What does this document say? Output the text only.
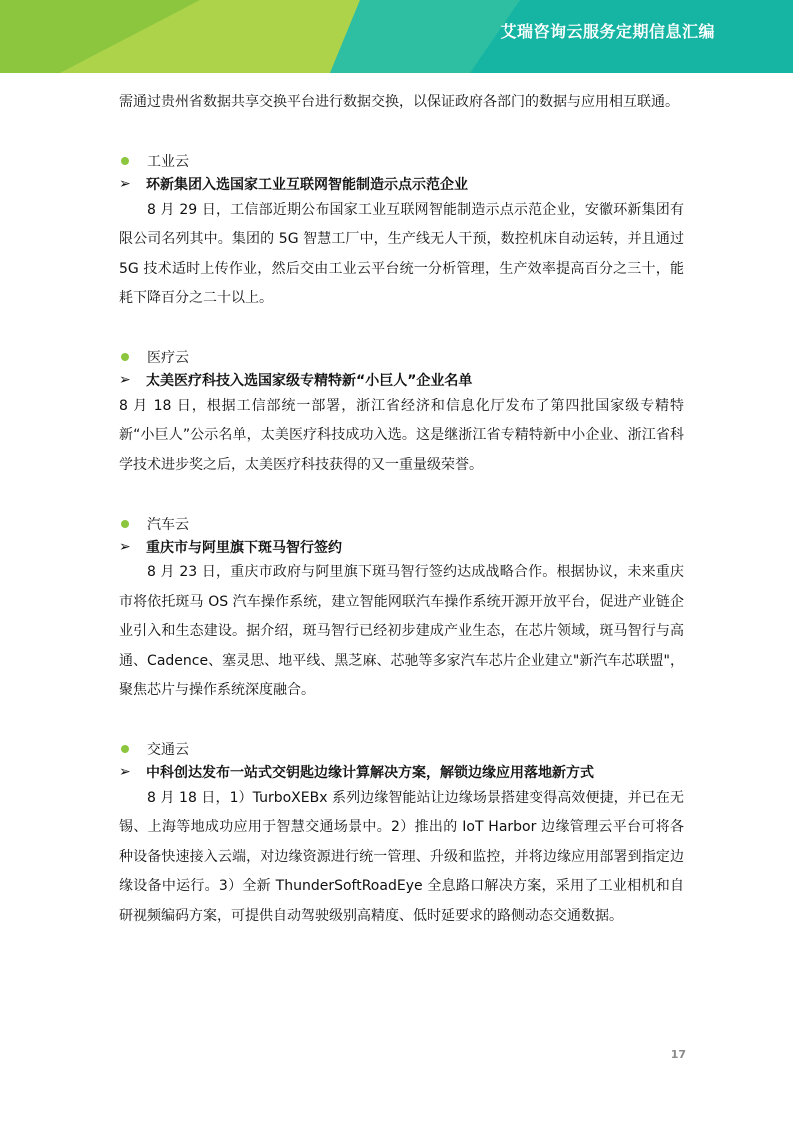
艾瑞咨询云服务定期信息汇编

需通过贵州省数据共享交换平台进行数据交换，以保证政府各部门的数据与应用相互联通。

工业云
➢	环新集团入选国家工业互联网智能制造示点示范企业

8 月 29 日，工信部近期公布国家工业互联网智能制造示点示范企业，安徽环新集团有限公司名列其中。集团的 5G 智慧工厂中，生产线无人干预，数控机床自动运转，并且通过 5G 技术适时上传作业，然后交由工业云平台统一分析管理，生产效率提高百分之三十，能耗下降百分之二十以上。

医疗云
➢	太美医疗科技入选国家级专精特新“小巨人”企业名单

8 月 18 日，根据工信部统一部署，浙江省经济和信息化厅发布了第四批国家级专精特新“小巨人”公示名单，太美医疗科技成功入选。这是继浙江省专精特新中小企业、浙江省科学技术进步奖之后，太美医疗科技获得的又一重量级荣誉。

汽车云
➢	重庆市与阿里旗下斑马智行签约

8 月 23 日，重庆市政府与阿里旗下斑马智行签约达成战略合作。根据协议，未来重庆市将依托斑马 OS 汽车操作系统，建立智能网联汽车操作系统开源开放平台，促进产业链企业引入和生态建设。据介绍，斑马智行已经初步建成产业生态，在芯片领域，斑马智行与高通、Cadence、塞灵思、地平线、黑芝麻、芯驰等多家汽车芯片企业建立"新汽车芯联盟"，聚焦芯片与操作系统深度融合。

交通云
➢	中科创达发布一站式交钥匙边缘计算解决方案，解锁边缘应用落地新方式

8 月 18 日，1）TurboXEBx 系列边缘智能站让边缘场景搭建变得高效便捷，并已在无锡、上海等地成功应用于智慧交通场景中。2）推出的 IoT Harbor 边缘管理云平台可将各种设备快速接入云端，对边缘资源进行统一管理、升级和监控，并将边缘应用部署到指定边缘设备中运行。3）全新 ThunderSoftRoadEye 全息路口解决方案，采用了工业相机和自研视频编码方案，可提供自动驾驶级别高精度、低时延要求的路侧动态交通数据。

17
